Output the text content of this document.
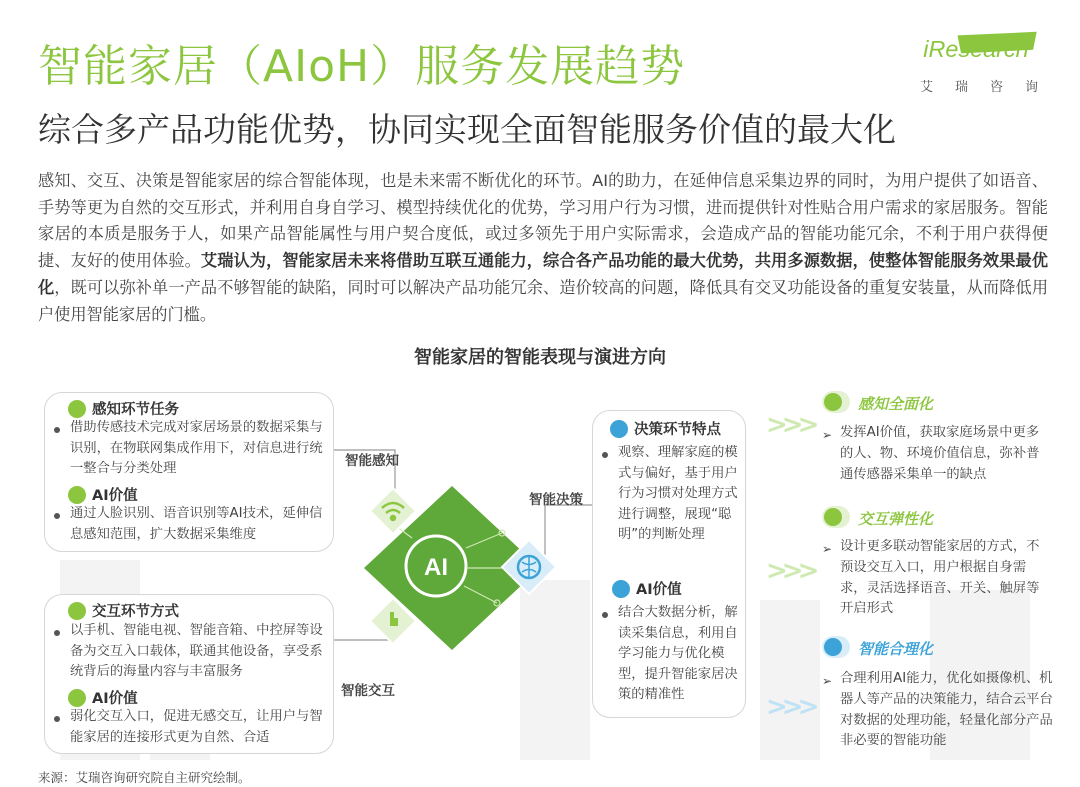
智能家居（AIoH）服务发展趋势
综合多产品功能优势，协同实现全面智能服务价值的最大化
iResearch
艾 瑞 咨 询
感知、交互、决策是智能家居的综合智能体现，也是未来需不断优化的环节。AI的助力，在延伸信息采集边界的同时，为用户提供了如语音、手势等更为自然的交互形式，并利用自身自学习、模型持续优化的优势，学习用户行为习惯，进而提供针对性贴合用户需求的家居服务。智能家居的本质是服务于人，如果产品智能属性与用户契合度低，或过多领先于用户实际需求，会造成产品的智能功能冗余，不利于用户获得便捷、友好的使用体验。艾瑞认为，智能家居未来将借助互联互通能力，综合各产品功能的最大优势，共用多源数据，使整体智能服务效果最优化，既可以弥补单一产品不够智能的缺陷，同时可以解决产品功能冗余、造价较高的问题，降低具有交叉功能设备的重复安装量，从而降低用户使用智能家居的门槛。
智能家居的智能表现与演进方向
感知环节任务
借助传感技术完成对家居场景的数据采集与识别，在物联网集成作用下，对信息进行统一整合与分类处理
AI价值
通过人脸识别、语音识别等AI技术，延伸信息感知范围，扩大数据采集维度
交互环节方式
以手机、智能电视、智能音箱、中控屏等设备为交互入口载体，联通其他设备，享受系统背后的海量内容与丰富服务
AI价值
弱化交互入口，促进无感交互，让用户与智能家居的连接形式更为自然、合适
决策环节特点
观察、理解家庭的模式与偏好，基于用户行为习惯对处理方式进行调整，展现“聪明”的判断处理
AI价值
结合大数据分析，解读采集信息，利用自学习能力与优化模型，提升智能家居决策的精准性
智能感知
智能决策
智能交互
AI
>>>
>>>
>>>
感知全面化
➢ 发挥AI价值，获取家庭场景中更多的人、物、环境价值信息，弥补普通传感器采集单一的缺点
交互弹性化
➢ 设计更多联动智能家居的方式，不预设交互入口，用户根据自身需求，灵活选择语音、开关、触屏等开启形式
智能合理化
➢ 合理利用AI能力，优化如摄像机、机器人等产品的决策能力，结合云平台对数据的处理功能，轻量化部分产品非必要的智能功能
来源：艾瑞咨询研究院自主研究绘制。
